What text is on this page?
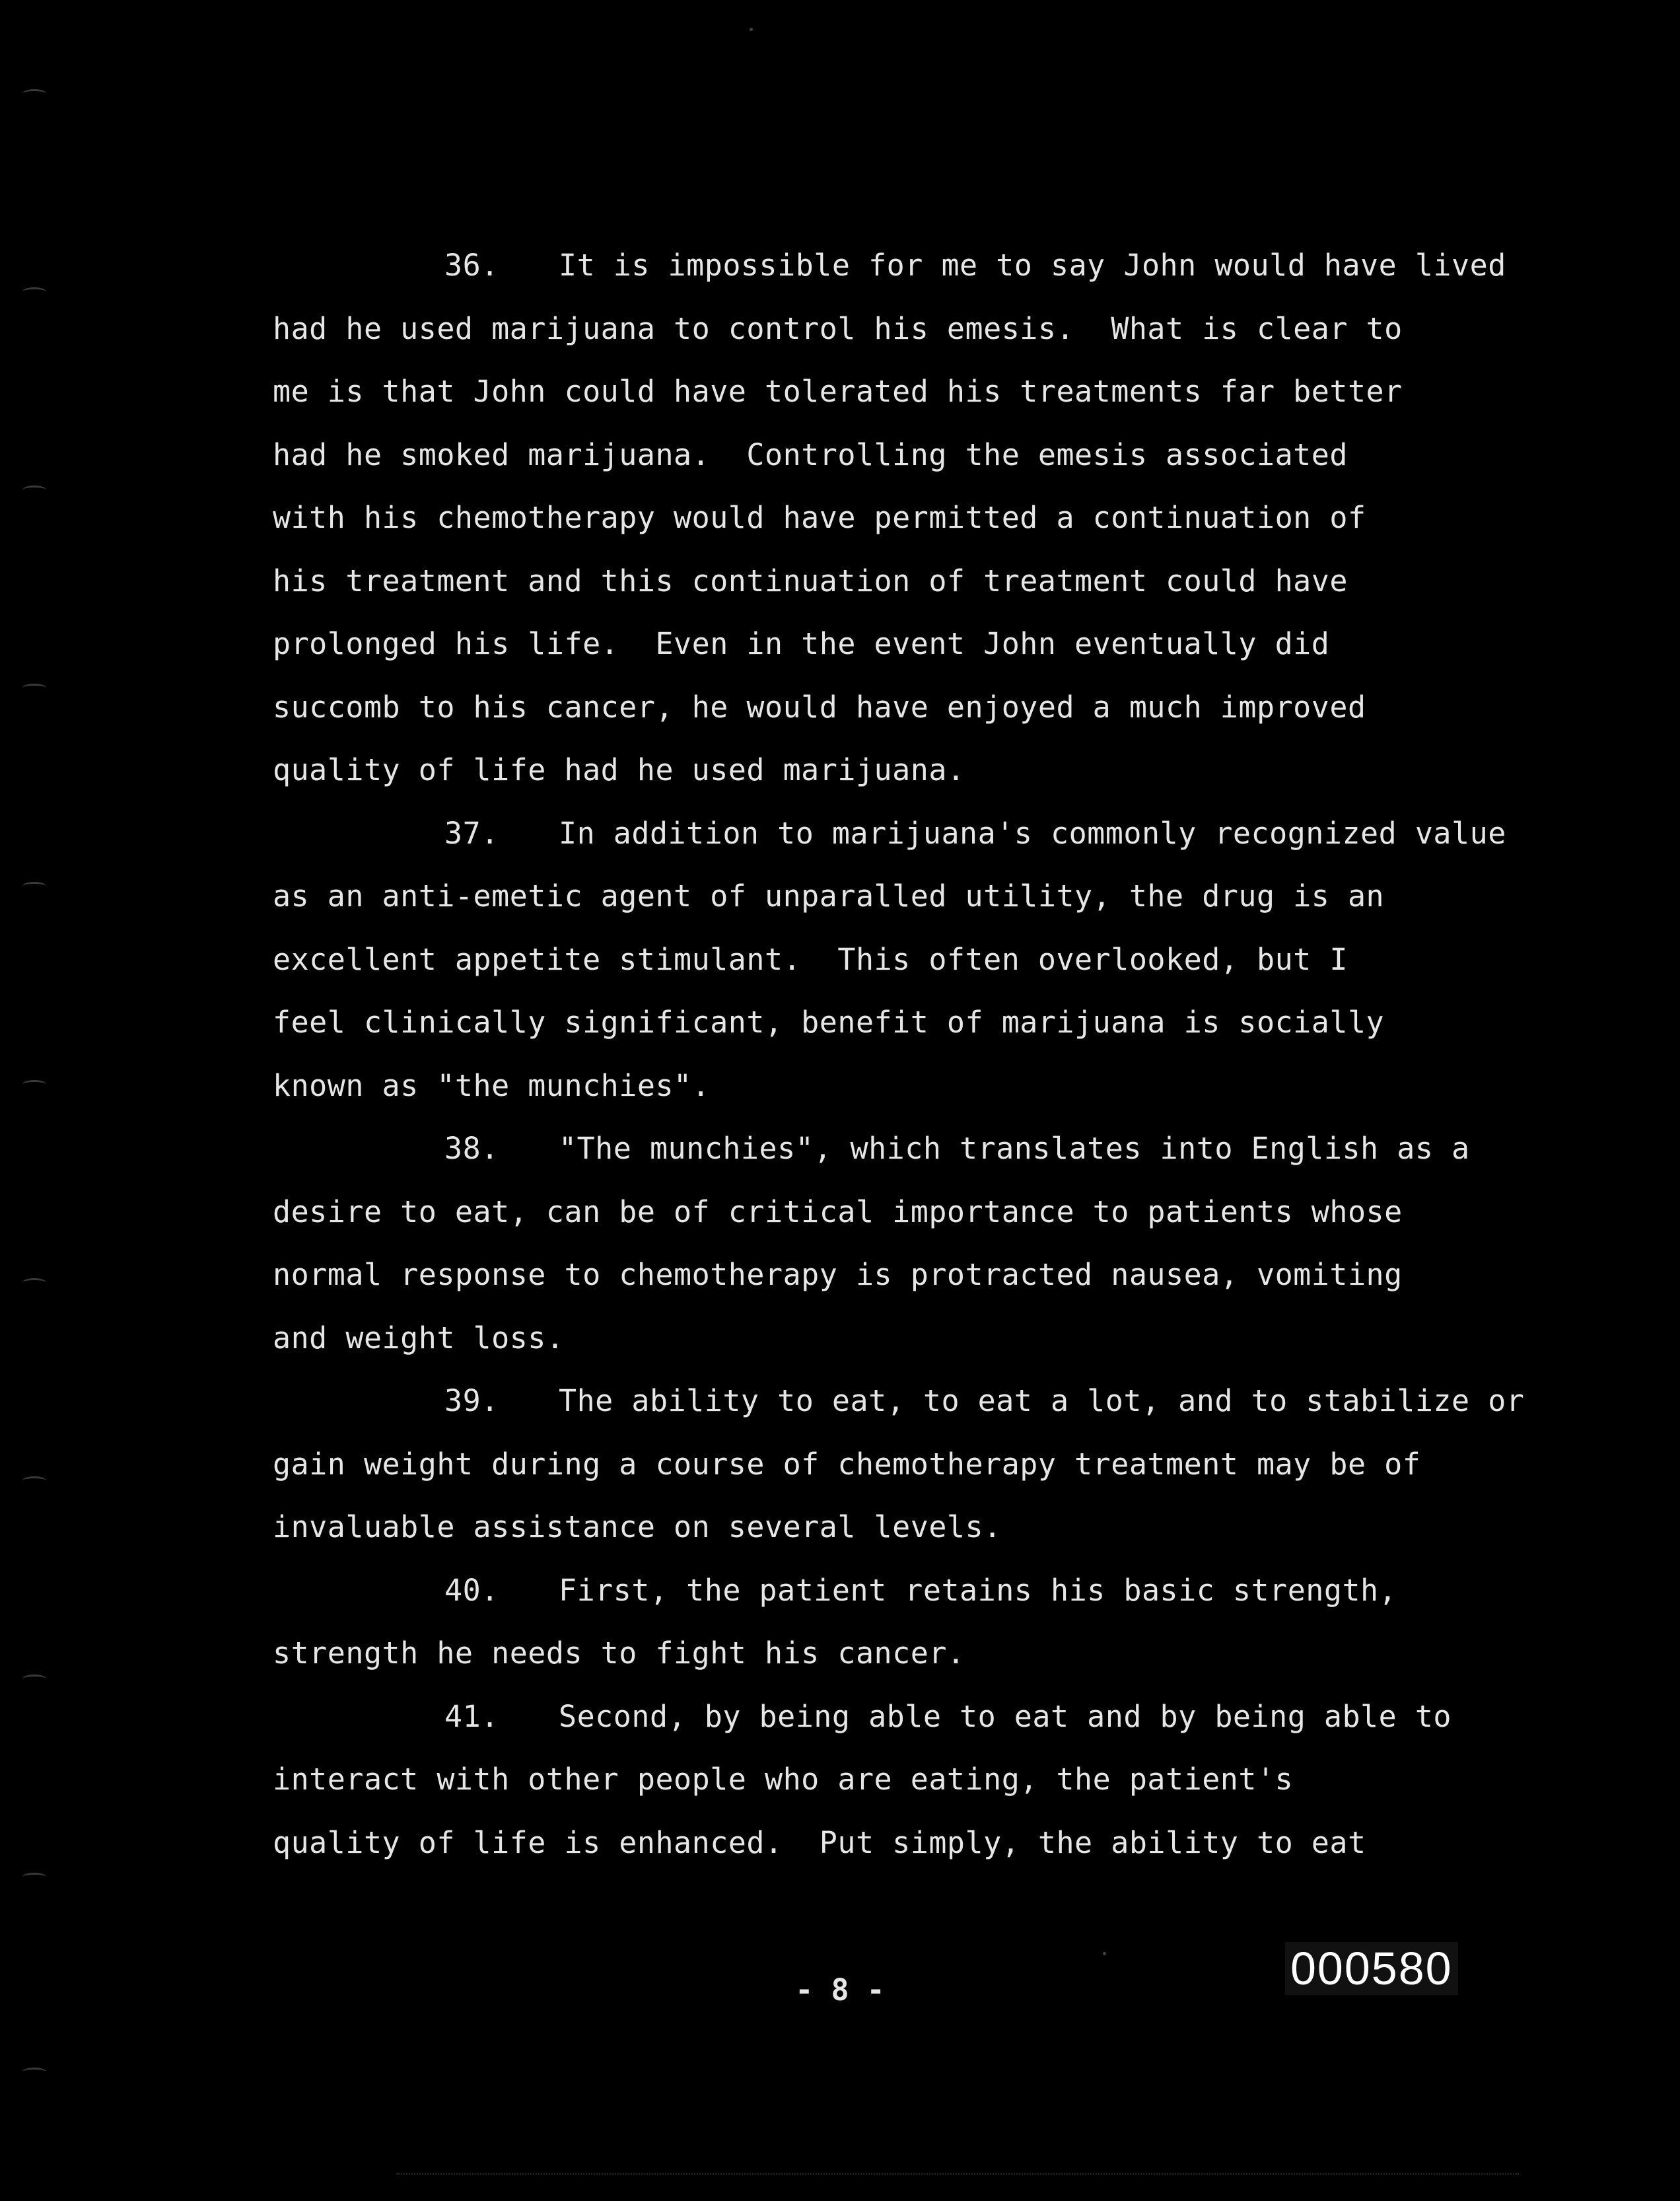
36. It is impossible for me to say John would have lived
had he used marijuana to control his emesis.  What is clear to
me is that John could have tolerated his treatments far better
had he smoked marijuana.  Controlling the emesis associated
with his chemotherapy would have permitted a continuation of
his treatment and this continuation of treatment could have
prolonged his life.  Even in the event John eventually did
succomb to his cancer, he would have enjoyed a much improved
quality of life had he used marijuana.
37. In addition to marijuana's commonly recognized value
as an anti-emetic agent of unparalled utility, the drug is an
excellent appetite stimulant.  This often overlooked, but I
feel clinically significant, benefit of marijuana is socially
known as "the munchies".
38. "The munchies", which translates into English as a
desire to eat, can be of critical importance to patients whose
normal response to chemotherapy is protracted nausea, vomiting
and weight loss.
39. The ability to eat, to eat a lot, and to stabilize or
gain weight during a course of chemotherapy treatment may be of
invaluable assistance on several levels.
40. First, the patient retains his basic strength,
strength he needs to fight his cancer.
41. Second, by being able to eat and by being able to
interact with other people who are eating, the patient's
quality of life is enhanced.  Put simply, the ability to eat
- 8 -	000580
